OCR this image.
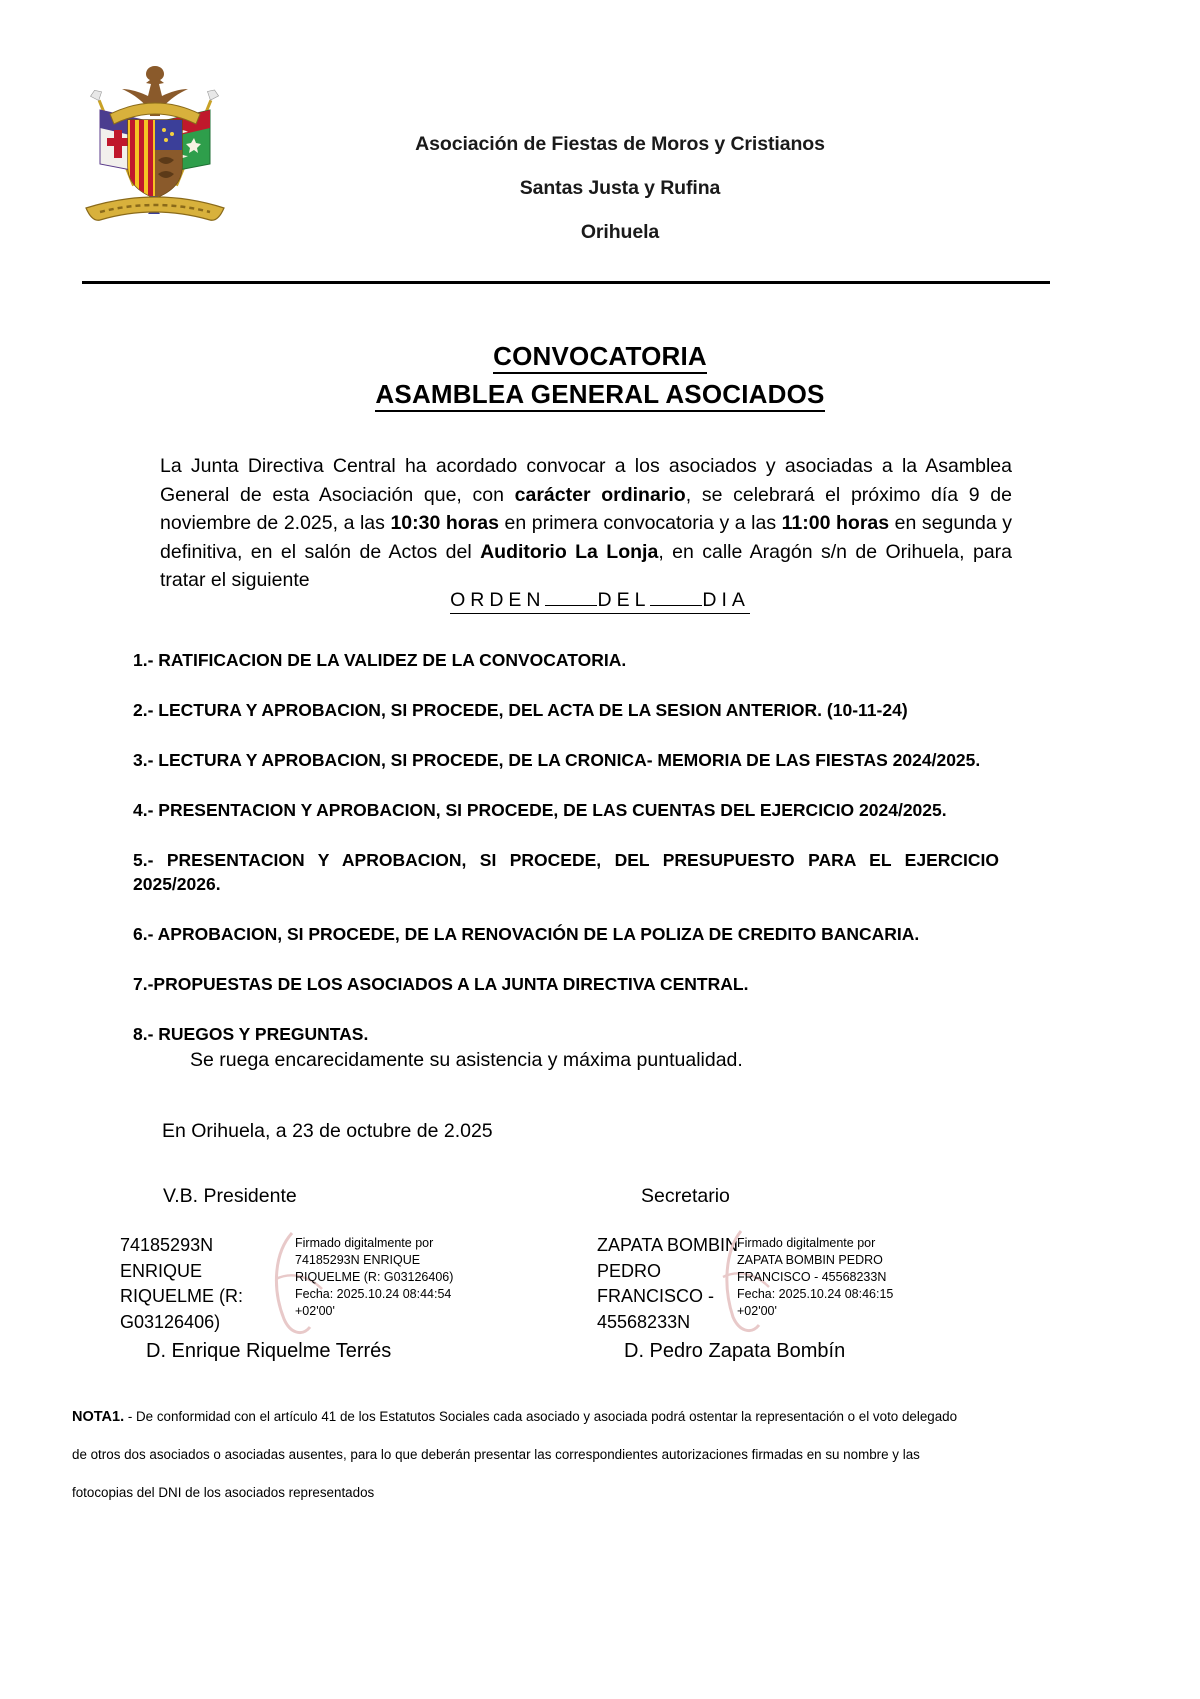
Asociación de Fiestas de Moros y Cristianos
Santas Justa y Rufina
Orihuela
CONVOCATORIA
ASAMBLEA GENERAL ASOCIADOS
La Junta Directiva Central ha acordado convocar a los asociados y asociadas a la Asamblea General de esta Asociación que, con carácter ordinario, se celebrará el próximo día 9 de noviembre de 2.025, a las 10:30 horas en primera convocatoria y a las 11:00 horas en segunda y definitiva, en el salón de Actos del Auditorio La Lonja, en calle Aragón s/n de Orihuela, para tratar el siguiente
ORDEN	DEL	DIA
1.- RATIFICACION DE LA VALIDEZ DE LA CONVOCATORIA.
2.- LECTURA Y APROBACION, SI PROCEDE, DEL ACTA DE LA SESION ANTERIOR. (10-11-24)
3.- LECTURA Y APROBACION, SI PROCEDE, DE LA CRONICA- MEMORIA DE LAS FIESTAS 2024/2025.
4.- PRESENTACION Y APROBACION, SI PROCEDE, DE LAS CUENTAS DEL EJERCICIO 2024/2025.
5.- PRESENTACION Y APROBACION, SI PROCEDE, DEL PRESUPUESTO PARA EL EJERCICIO 2025/2026.
6.- APROBACION, SI PROCEDE, DE LA RENOVACIÓN DE LA POLIZA DE CREDITO BANCARIA.
7.-PROPUESTAS DE LOS ASOCIADOS A LA JUNTA DIRECTIVA CENTRAL.
8.- RUEGOS Y PREGUNTAS.
Se ruega encarecidamente su asistencia y máxima puntualidad.
En Orihuela, a 23 de octubre de 2.025
V.B. Presidente	Secretario
74185293N ENRIQUE RIQUELME (R: G03126406)
Firmado digitalmente por 74185293N ENRIQUE RIQUELME (R: G03126406) Fecha: 2025.10.24 08:44:54 +02'00'
ZAPATA BOMBIN PEDRO FRANCISCO - 45568233N
Firmado digitalmente por ZAPATA BOMBIN PEDRO FRANCISCO - 45568233N Fecha: 2025.10.24 08:46:15 +02'00'
D. Enrique Riquelme Terrés	D. Pedro Zapata Bombín
NOTA1. - De conformidad con el artículo 41 de los Estatutos Sociales cada asociado y asociada podrá ostentar la representación o el voto delegado de otros dos asociados o asociadas ausentes, para lo que deberán presentar las correspondientes autorizaciones firmadas en su nombre y las fotocopias del DNI de los asociados representados
